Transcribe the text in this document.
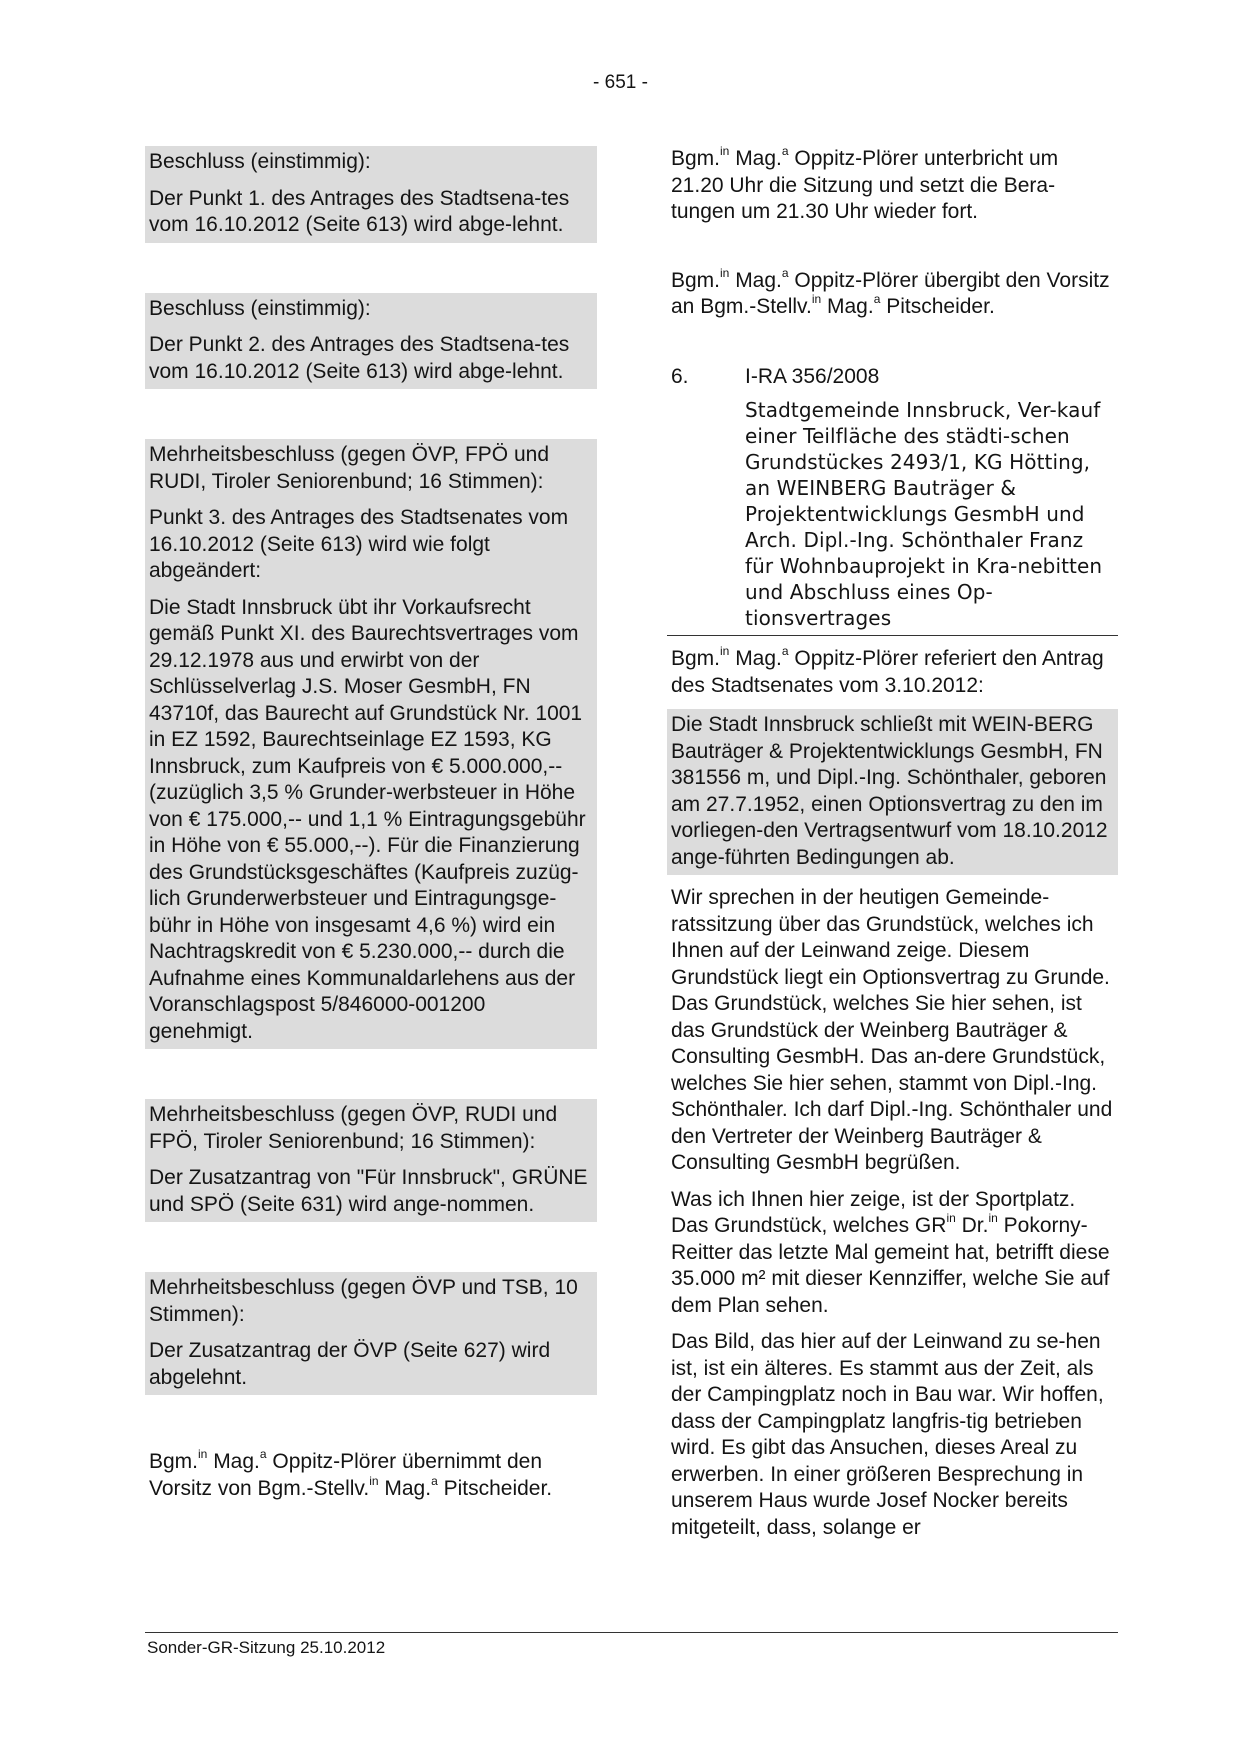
- 651 -

Beschluss (einstimmig):

Der Punkt 1. des Antrages des Stadtsena-tes vom 16.10.2012 (Seite 613) wird abge-lehnt.

Beschluss (einstimmig):

Der Punkt 2. des Antrages des Stadtsena-tes vom 16.10.2012 (Seite 613) wird abge-lehnt.

Mehrheitsbeschluss (gegen ÖVP, FPÖ und RUDI, Tiroler Seniorenbund; 16 Stimmen):

Punkt 3. des Antrages des Stadtsenates vom 16.10.2012 (Seite 613) wird wie folgt abgeändert:

Die Stadt Innsbruck übt ihr Vorkaufsrecht gemäß Punkt XI. des Baurechtsvertrages vom 29.12.1978 aus und erwirbt von der Schlüsselverlag J.S. Moser GesmbH, FN 43710f, das Baurecht auf Grundstück Nr. 1001 in EZ 1592, Baurechtseinlage EZ 1593, KG Innsbruck, zum Kaufpreis von € 5.000.000,-- (zuzüglich 3,5 % Grunder-werbsteuer in Höhe von € 175.000,-- und 1,1 % Eintragungsgebühr in Höhe von € 55.000,--). Für die Finanzierung des Grundstücksgeschäftes (Kaufpreis zuzüg-lich Grunderwerbsteuer und Eintragungsge-bühr in Höhe von insgesamt 4,6 %) wird ein Nachtragskredit von € 5.230.000,-- durch die Aufnahme eines Kommunaldarlehens aus der Voranschlagspost 5/846000-001200 genehmigt.

Mehrheitsbeschluss (gegen ÖVP, RUDI und FPÖ, Tiroler Seniorenbund; 16 Stimmen):

Der Zusatzantrag von "Für Innsbruck", GRÜNE und SPÖ (Seite 631) wird ange-nommen.

Mehrheitsbeschluss (gegen ÖVP und TSB, 10 Stimmen):

Der Zusatzantrag der ÖVP (Seite 627) wird abgelehnt.

Bgm.$^{in}$ Mag.$^a$ Oppitz-Plörer übernimmt den Vorsitz von Bgm.-Stellv.$^{in}$ Mag.$^a$ Pitscheider.

Bgm.$^{in}$ Mag.$^a$ Oppitz-Plörer unterbricht um 21.20 Uhr die Sitzung und setzt die Bera-tungen um 21.30 Uhr wieder fort.

Bgm.$^{in}$ Mag.$^a$ Oppitz-Plörer übergibt den Vorsitz an Bgm.-Stellv.$^{in}$ Mag.$^a$ Pitscheider.

6.	I-RA 356/2008

Stadtgemeinde Innsbruck, Ver-kauf einer Teilfläche des städti-schen Grundstückes 2493/1, KG Hötting, an WEINBERG Bauträger & Projektentwicklungs GesmbH und Arch. Dipl.-Ing. Schönthaler Franz für Wohnbauprojekt in Kra-nebitten und Abschluss eines Op-tionsvertrages

Bgm.$^{in}$ Mag.$^a$ Oppitz-Plörer referiert den Antrag des Stadtsenates vom 3.10.2012:

Die Stadt Innsbruck schließt mit WEIN-BERG Bauträger & Projektentwicklungs GesmbH, FN 381556 m, und Dipl.-Ing. Schönthaler, geboren am 27.7.1952, einen Optionsvertrag zu den im vorliegen-den Vertragsentwurf vom 18.10.2012 ange-führten Bedingungen ab.

Wir sprechen in der heutigen Gemeinde-ratssitzung über das Grundstück, welches ich Ihnen auf der Leinwand zeige. Diesem Grundstück liegt ein Optionsvertrag zu Grunde. Das Grundstück, welches Sie hier sehen, ist das Grundstück der Weinberg Bauträger & Consulting GesmbH. Das an-dere Grundstück, welches Sie hier sehen, stammt von Dipl.-Ing. Schönthaler. Ich darf Dipl.-Ing. Schönthaler und den Vertreter der Weinberg Bauträger & Consulting GesmbH begrüßen.

Was ich Ihnen hier zeige, ist der Sportplatz. Das Grundstück, welches $GR^{in}$ Dr.$^{in}$ Pokorny-Reitter das letzte Mal gemeint hat, betrifft diese 35.000 m² mit dieser Kennziffer, welche Sie auf dem Plan sehen.

Das Bild, das hier auf der Leinwand zu se-hen ist, ist ein älteres. Es stammt aus der Zeit, als der Campingplatz noch in Bau war. Wir hoffen, dass der Campingplatz langfris-tig betrieben wird. Es gibt das Ansuchen, dieses Areal zu erwerben. In einer größeren Besprechung in unserem Haus wurde Josef Nocker bereits mitgeteilt, dass, solange er

Sonder-GR-Sitzung 25.10.2012
